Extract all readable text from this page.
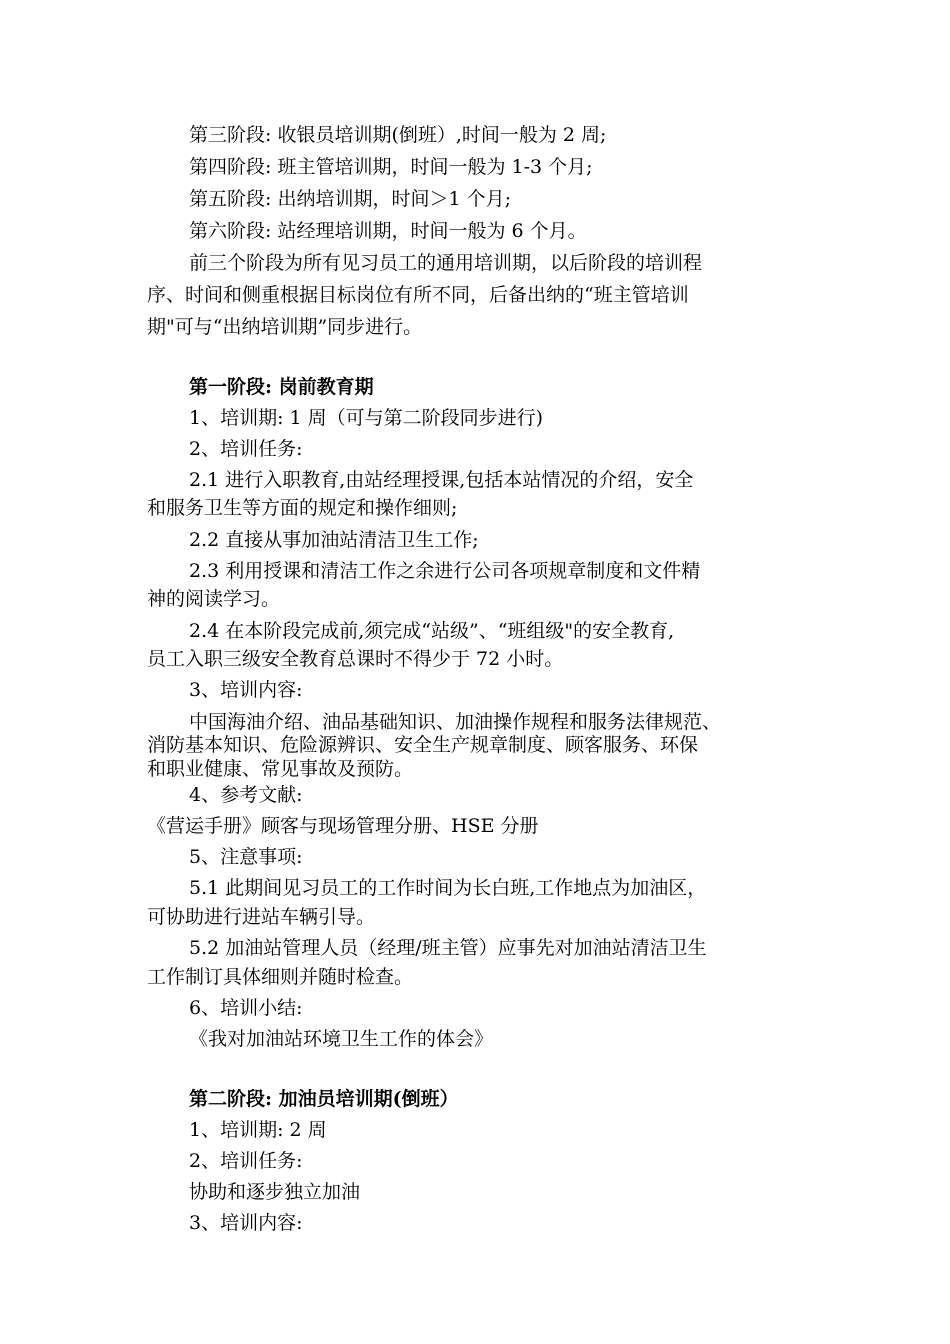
第三阶段: 收银员培训期(倒班）,时间一般为 2 周;
第四阶段: 班主管培训期，时间一般为 1-3 个月;
第五阶段: 出纳培训期，时间＞1 个月;
第六阶段: 站经理培训期，时间一般为 6 个月。
前三个阶段为所有见习员工的通用培训期，以后阶段的培训程
序、时间和侧重根据目标岗位有所不同，后备出纳的“班主管培训
期"可与“出纳培训期”同步进行。
第一阶段: 岗前教育期
1、培训期: 1 周（可与第二阶段同步进行)
2、培训任务:
2.1 进行入职教育,由站经理授课,包括本站情况的介绍，安全
和服务卫生等方面的规定和操作细则;
2.2 直接从事加油站清洁卫生工作;
2.3 利用授课和清洁工作之余进行公司各项规章制度和文件精
神的阅读学习。
2.4 在本阶段完成前,须完成“站级”、“班组级"的安全教育,
员工入职三级安全教育总课时不得少于 72 小时。
3、培训内容:
中国海油介绍、油品基础知识、加油操作规程和服务法律规范、
消防基本知识、危险源辨识、安全生产规章制度、顾客服务、环保
和职业健康、常见事故及预防。
4、参考文献:
《营运手册》顾客与现场管理分册、HSE 分册
5、注意事项:
5.1 此期间见习员工的工作时间为长白班,工作地点为加油区，
可协助进行进站车辆引导。
5.2 加油站管理人员（经理/班主管）应事先对加油站清洁卫生
工作制订具体细则并随时检查。
6、培训小结:
《我对加油站环境卫生工作的体会》
第二阶段: 加油员培训期(倒班）
1、培训期: 2 周
2、培训任务:
协助和逐步独立加油
3、培训内容:
